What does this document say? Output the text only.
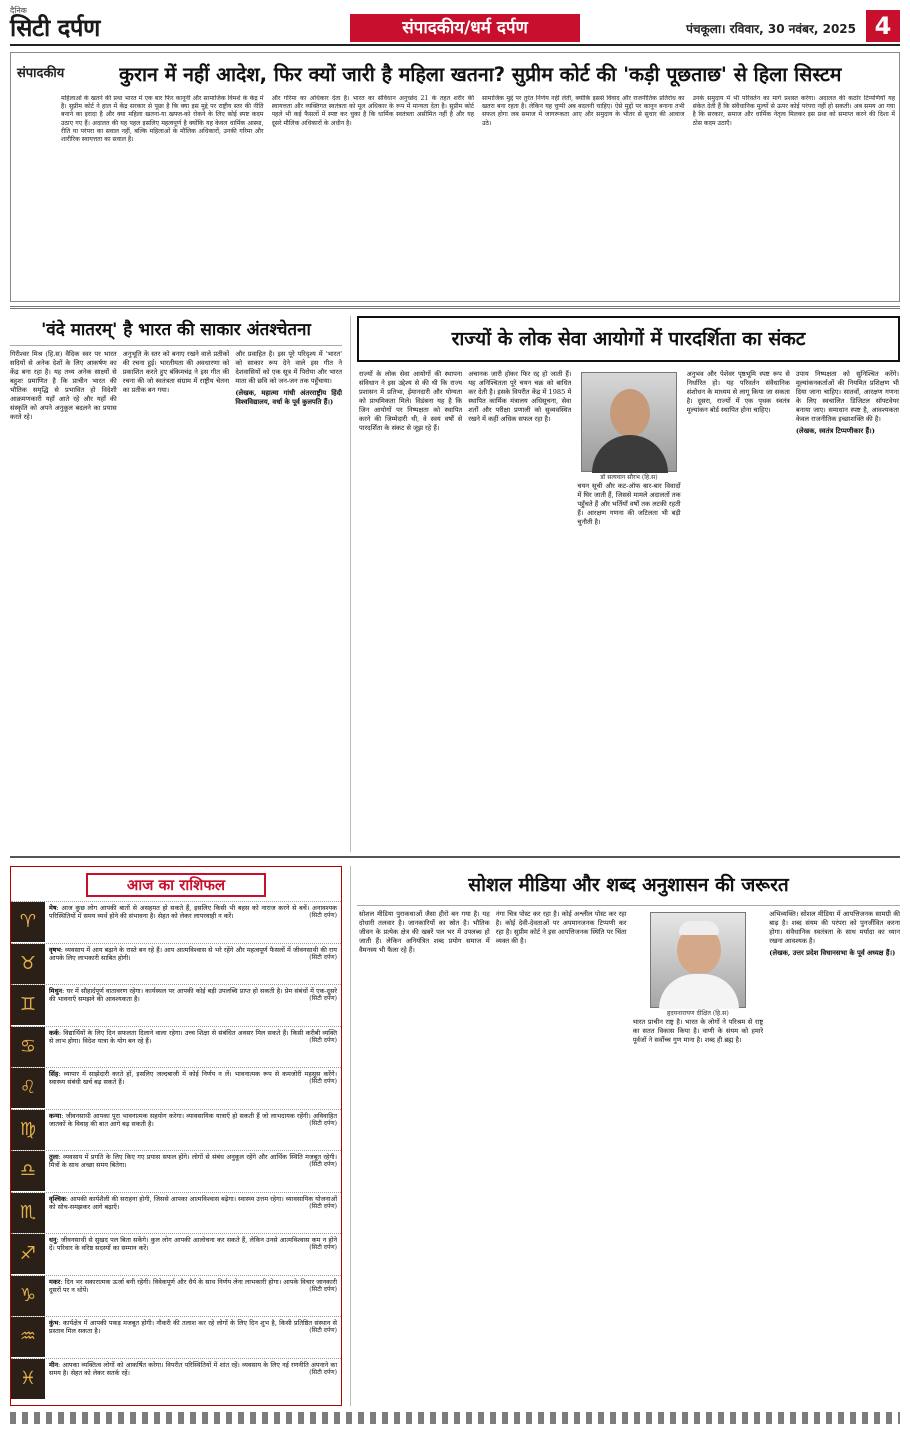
दैनिक
सिटी दर्पण	संपादकीय/धर्म दर्पण	पंचकूला। रविवार, 30 नवंबर, 2025 4
संपादकीय	कुरान में नहीं आदेश, फिर क्यों जारी है महिला खतना? सुप्रीम कोर्ट की 'कड़ी पूछताछ' से हिला सिस्टम
महिलाओं के खतने की प्रथा भारत में एक बार फिर कानूनी और सामाजिक विमर्श के केंद्र में है। सुप्रीम कोर्ट ने हाल में केंद्र सरकार से पूछा है कि क्या इस मुद्दे पर राष्ट्रीय स्तर की नीति बनाने का इरादा है और क्या महिला खतना-या खफ्ज-को रोकने के लिए कोई स्पष्ट कदम उठाए गए हैं। अदालत की यह पहल इसलिए महत्वपूर्ण है क्योंकि यह केवल धार्मिक आस्था, रीति या परंपरा का सवाल नहीं, बल्कि महिलाओं के मौलिक अधिकारों, उनकी गरिमा और शारीरिक स्वायत्तता का सवाल है।
और गरिमा का अधिकार देता है। भारत का संविधान अनुच्छेद 21 के तहत शरीर की स्वायत्तता और व्यक्तिगत स्वतंत्रता को मूल अधिकार के रूप में मान्यता देता है। सुप्रीम कोर्ट पहले भी कई फैसलों में स्पष्ट कर चुका है कि धार्मिक स्वतंत्रता असीमित नहीं है और यह दूसरे मौलिक अधिकारों के अधीन है।
सामाजिक मुद्दे पर तुरंत निर्णय नहीं लेती, क्योंकि इससे विवाद और राजनीतिक प्रतिरोध का खतरा बना रहता है। लेकिन यह चुप्पी अब बदलनी चाहिए। ऐसे मुद्दों पर कानून बनाना तभी सफल होगा जब समाज में जागरूकता आए और समुदाय के भीतर से सुधार की आवाज उठे।
उनके समुदाय में भी परिवर्तन का मार्ग प्रशस्त करेगा। अदालत की कठोर टिप्पणियाँ यह संकेत देती हैं कि संवैधानिक मूल्यों से ऊपर कोई परंपरा नहीं हो सकती। अब समय आ गया है कि सरकार, समाज और धार्मिक नेतृत्व मिलकर इस प्रथा को समाप्त करने की दिशा में ठोस कदम उठाएँ।
'वंदे मातरम्' है भारत की साकार अंतश्चेतना
गिरीश्वर मिश्र (हि.स) वैदिक स्वर पर भारत सदियों से अनेक देशों के लिए आकर्षण का केंद्र बना रहा है। यह तथ्य अनेक साक्ष्यों से बहुशः प्रमाणित है कि प्राचीन भारत की भौतिक समृद्धि से प्रभावित हो विदेशी आक्रमणकारी यहाँ आते रहे और यहाँ की संस्कृति को अपने अनुकूल बदलने का प्रयास करते रहे।
अनुभूति के स्तर को बनाए रखने वाले प्रतीकों की रचना हुई। भारतीयता की अवधारणा को प्रकाशित करते हुए बंकिमचंद्र ने इस गीत की रचना की जो स्वतंत्रता संग्राम में राष्ट्रीय चेतना का प्रतीक बन गया।
और प्रवाहित है। इस पूरे परिदृश्य में 'भारत' को साकार रूप देने वाले इस गीत ने देशवासियों को एक सूत्र में पिरोया और भारत माता की छवि को जन-जन तक पहुँचाया।
(लेखक, महात्मा गांधी अंतरराष्ट्रीय हिंदी विश्वविद्यालय, वर्धा के पूर्व कुलपति हैं।)
राज्यों के लोक सेवा आयोगों में पारदर्शिता का संकट
राज्यों के लोक सेवा आयोगों की स्थापना संविधान ने इस उद्देश्य से की थी कि राज्य प्रशासन में प्रतिभा, ईमानदारी और योग्यता को प्राथमिकता मिले। विडंबना यह है कि जिन आयोगों पर निष्पक्षता को स्थापित करने की जिम्मेदारी थी, वे स्वयं वर्षों से पारदर्शिता के संकट से जूझ रहे हैं।
अचानक जारी होकर फिर रद्द हो जाती हैं। यह अनिश्चितता पूरे चयन चक्र को बाधित कर देती है। इसके विपरीत केंद्र में 1985 में स्थापित कार्मिक मंत्रालय अधिसूचना, सेवा शर्तों और परीक्षा प्रणाली को सुव्यवस्थित रखने में कहीं अधिक सफल रहा है।
डॉ सत्यवान सौरभ (हि.स)
चयन सूची और कट-ऑफ बार-बार विवादों में घिर जाती हैं, जिससे मामले अदालतों तक पहुँचते हैं और भर्तियाँ वर्षों तक लटकी रहती हैं। आरक्षण गणना की जटिलता भी बड़ी चुनौती है।
अनुभव और पेशेवर पृष्ठभूमि स्पष्ट रूप से निर्धारित हो। यह परिवर्तन संवैधानिक संशोधन के माध्यम से लागू किया जा सकता है। दूसरा, राज्यों में एक पृथक स्वतंत्र मूल्यांकन बोर्ड स्थापित होना चाहिए।
उपाय निष्पक्षता को सुनिश्चित करेंगे। मूल्यांकनकर्ताओं की नियमित प्रशिक्षण भी दिया जाना चाहिए। सातवाँ, आरक्षण गणना के लिए स्वचालित डिजिटल सॉफ्टवेयर बनाया जाए। समाधान स्पष्ट है, आवश्यकता केवल राजनीतिक इच्छाशक्ति की है।
(लेखक, स्वतंत्र टिप्पणीकार हैं।)
आज का राशिफल
♈
मेष: आज कुछ लोग आपकी बातों से असहमत हो सकते हैं, इसलिए किसी भी बहस को नाराज करने से बचें। अनावश्यक परिस्थितियों में समय व्यर्थ होने की संभावना है। सेहत को लेकर लापरवाही न करें।	(सिटी दर्पण)
♉
वृषभ: व्यवसाय में आय बढ़ाने के रास्ते बन रहे हैं। आप आत्मविश्वास से भरे रहेंगे और महत्वपूर्ण फैसलों में जीवनसाथी की राय आपके लिए लाभकारी साबित होगी।	(सिटी दर्पण)
♊
मिथुन: घर में सौहार्दपूर्ण वातावरण रहेगा। कार्यस्थल पर आपकी कोई बड़ी उपलब्धि प्राप्त हो सकती है। प्रेम संबंधों में एक-दूसरे की भावनाएँ समझने की आवश्यकता है।	(सिटी दर्पण)
♋
कर्क: विद्यार्थियों के लिए दिन सफलता दिलाने वाला रहेगा। उच्च शिक्षा से संबंधित अवसर मिल सकते हैं। किसी करीबी व्यक्ति से लाभ होगा। विदेश यात्रा के योग बन रहे हैं।	(सिटी दर्पण)
♌
सिंह: व्यापार में साझेदारी करते हों, इसलिए जल्दबाजी में कोई निर्णय न लें। भावनात्मक रूप से कमजोरी महसूस करेंगे। स्वास्थ्य संबंधी खर्च बढ़ सकते हैं।	(सिटी दर्पण)
♍
कन्या: जीवनसाथी आपका पूरा भावनात्मक सहयोग करेगा। व्यावसायिक यात्राएँ हो सकती हैं जो लाभदायक रहेंगी। अविवाहित जातकों के विवाह की बात आगे बढ़ सकती है।	(सिटी दर्पण)
♎
तुला: व्यवसाय में प्रगति के लिए किए गए प्रयास सफल होंगे। लोगों से संबंध अनुकूल रहेंगे और आर्थिक स्थिति मजबूत रहेगी। मित्रों के साथ अच्छा समय बितेगा।	(सिटी दर्पण)
♏
वृश्चिक: आपकी कार्यशैली की सराहना होगी, जिससे आपका आत्मविश्वास बढ़ेगा। स्वास्थ्य उत्तम रहेगा। व्यावसायिक योजनाओं को सोच-समझकर आगे बढ़ाएँ।	(सिटी दर्पण)
♐
धनु: जीवनसाथी से सुखद पल बिता सकेंगे। कुल लोग आपकी आलोचना कर सकते हैं, लेकिन उनसे आत्मविश्वास कम न होने दें। परिवार के वरिष्ठ सदस्यों का सम्मान करें।	(सिटी दर्पण)
♑
मकर: दिन भर सकारात्मक ऊर्जा बनी रहेगी। विवेकपूर्ण और धैर्य के साथ निर्णय लेना लाभकारी होगा। आपके विचार जानकारी दूसरों पर न थोपें।	(सिटी दर्पण)
♒
कुंभ: कार्यक्षेत्र में आपकी पकड़ मजबूत होगी। नौकरी की तलाश कर रहे लोगों के लिए दिन शुभ है, किसी प्रतिष्ठित संस्थान से प्रस्ताव मिल सकता है।	(सिटी दर्पण)
♓
मीन: आपका व्यक्तित्व लोगों को आकर्षित करेगा। विपरीत परिस्थितियों में शांत रहें। व्यवसाय के लिए नई रणनीति अपनाने का समय है। सेहत को लेकर सतर्क रहें।	(सिटी दर्पण)
सोशल मीडिया और शब्द अनुशासन की जरूरत
सोशल मीडिया पुराकथाओं जैसा हीरो बन गया है। यह दोधारी तलवार है। जानकारियों का स्रोत है। भौतिक जीवन के प्रत्येक क्षेत्र की खबरें पल भर में उपलब्ध हो जाती हैं। लेकिन अनियंत्रित शब्द प्रयोग समाज में वैमनस्य भी फैला रहे हैं।
नंगा चित्र पोस्ट कर रहा है। कोई अश्लील पोस्ट कर रहा है। कोई देवी-देवताओं पर अपमानजनक टिप्पणी कर रहा है। सुप्रीम कोर्ट ने इस आपत्तिजनक स्थिति पर चिंता व्यक्त की है।
हृदयनारायण दीक्षित (हि.स)
भारत प्राचीन राष्ट्र है। भारत के लोगों ने परिश्रम से राष्ट्र का सतत विकास किया है। वाणी के संयम को हमारे पूर्वजों ने सर्वोच्च गुण माना है। शब्द ही ब्रह्म है।
अभिव्यक्ति। सोशल मीडिया में आपत्तिजनक सामग्री की बाढ़ है। शब्द संयम की परंपरा को पुनर्जीवित करना होगा। संवैधानिक स्वतंत्रता के साथ मर्यादा का ध्यान रखना आवश्यक है।
(लेखक, उत्तर प्रदेश विधानसभा के पूर्व अध्यक्ष हैं।)
